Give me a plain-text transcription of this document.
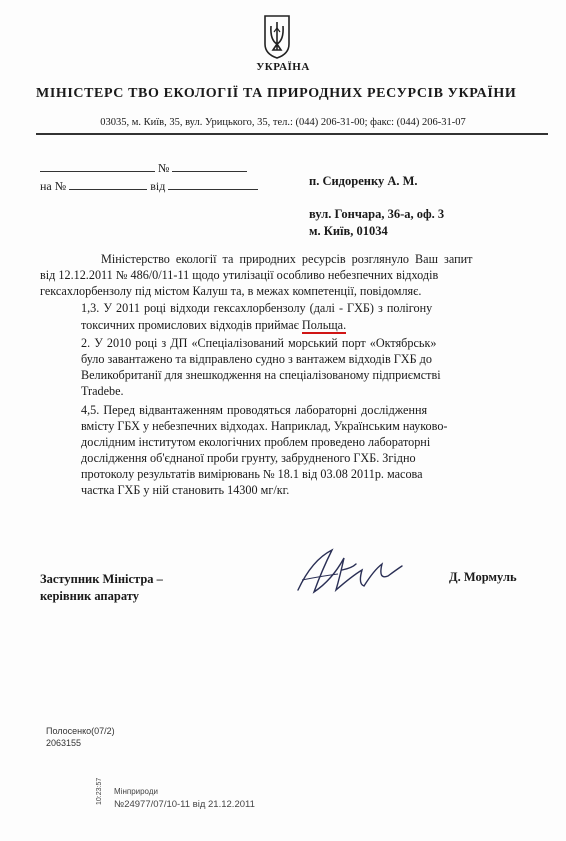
УКРАЇНА
МІНІСТЕРС ТВО ЕКОЛОГІЇ ТА ПРИРОДНИХ РЕСУРСІВ УКРАЇНИ
03035, м. Київ, 35, вул. Урицького, 35, тел.: (044) 206-31-00; факс: (044) 206-31-07
№
на №	від	п. Сидоренку А. М.
вул. Гончара, 36-а, оф. 3
м. Київ, 01034
Міністерство екології та природних ресурсів розглянуло Ваш запит
від 12.12.2011 № 486/0/11-11 щодо утилізації особливо небезпечних відходів
гексахлорбензолу під містом Калуш та, в межах компетенції, повідомляє.
1,3. У 2011 році відходи гексахлорбензолу (далі - ГХБ) з полігону
токсичних промислових відходів приймає Польща.
2. У 2010 році з ДП «Спеціалізований морський порт «Октябрськ»
було завантажено та відправлено судно з вантажем відходів ГХБ до
Великобританії для знешкодження на спеціалізованому підприємстві
Tradebe.
4,5. Перед відвантаженням проводяться лабораторні дослідження
вмісту ГБХ у небезпечних відходах. Наприклад, Українським науково-
дослідним інститутом екологічних проблем проведено лабораторні
дослідження об'єднаної проби грунту, забрудненого ГХБ. Згідно
протоколу результатів вимірювань № 18.1 від 03.08 2011р. масова
частка ГХБ у ній становить 14300 мг/кг.
Заступник Міністра –
керівник апарату
Д. Мормуль
Полосенко(07/2)
2063155
10:23:57 Мінприроди
№24977/07/10-11 від 21.12.2011
